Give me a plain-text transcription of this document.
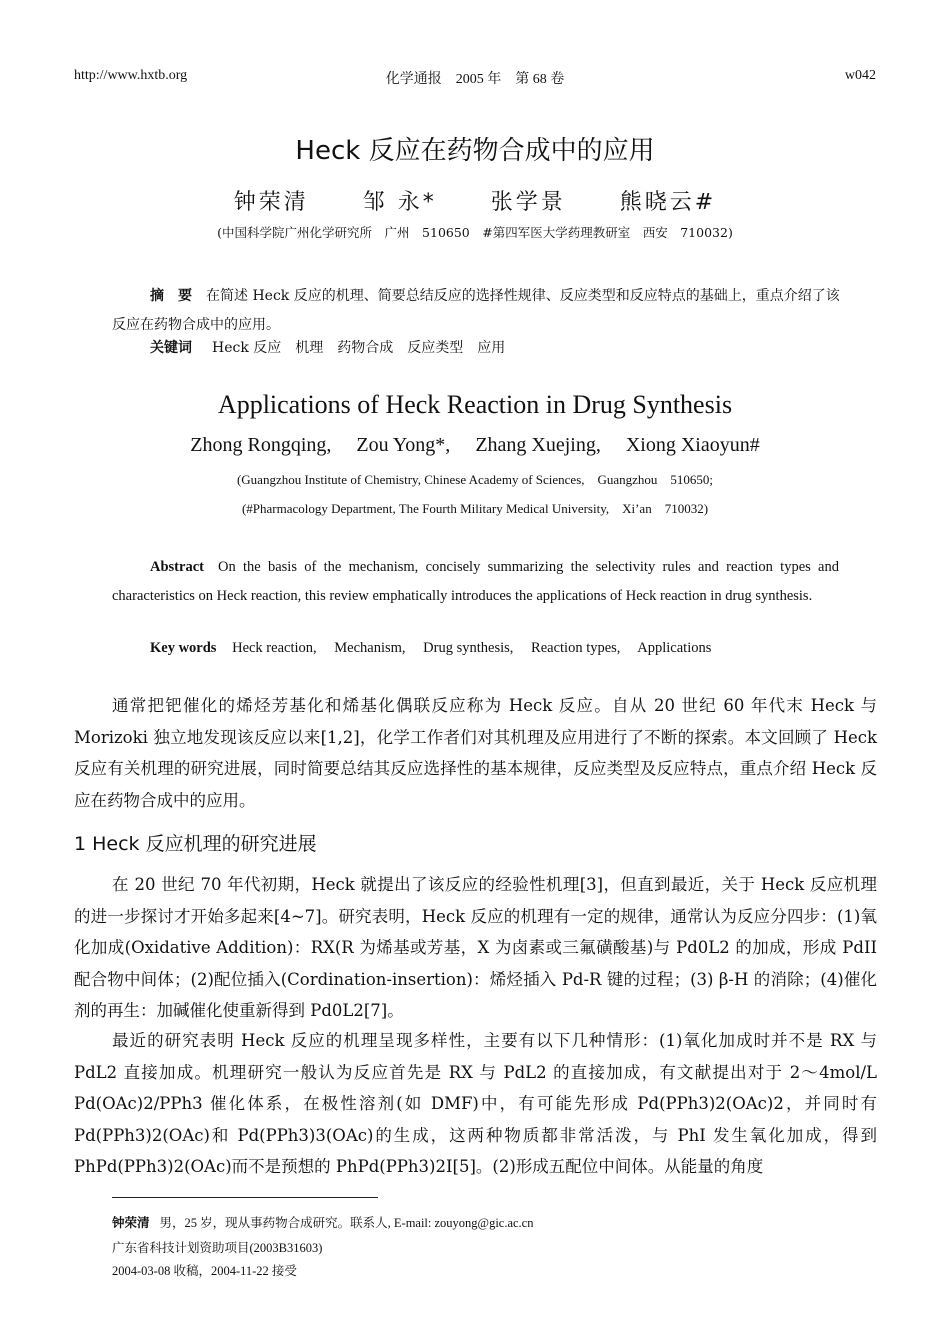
http://www.hxtb.org	化学通报　2005 年　第 68 卷	w042
Heck 反应在药物合成中的应用
钟荣清 邹 永* 张学景 熊晓云#
(中国科学院广州化学研究所　广州　510650　#第四军医大学药理教研室　西安　710032)
摘　要 在简述 Heck 反应的机理、简要总结反应的选择性规律、反应类型和反应特点的基础上，重点介绍了该反应在药物合成中的应用。
关键词 Heck 反应　机理　药物合成　反应类型　应用
Applications of Heck Reaction in Drug Synthesis
Zhong Rongqing, Zou Yong*, Zhang Xuejing, Xiong Xiaoyun#
(Guangzhou Institute of Chemistry, Chinese Academy of Sciences,　Guangzhou　510650;
(#Pharmacology Department, The Fourth Military Medical University,　Xi’an　710032)
Abstract On the basis of the mechanism, concisely summarizing the selectivity rules and reaction types and characteristics on Heck reaction, this review emphatically introduces the applications of Heck reaction in drug synthesis.
Key words Heck reaction, Mechanism, Drug synthesis, Reaction types, Applications
通常把钯催化的烯烃芳基化和烯基化偶联反应称为 Heck 反应。自从 20 世纪 60 年代末 Heck 与 Morizoki 独立地发现该反应以来[1,2]，化学工作者们对其机理及应用进行了不断的探索。本文回顾了 Heck 反应有关机理的研究进展，同时简要总结其反应选择性的基本规律，反应类型及反应特点，重点介绍 Heck 反应在药物合成中的应用。
1 Heck 反应机理的研究进展
在 20 世纪 70 年代初期，Heck 就提出了该反应的经验性机理[3]，但直到最近，关于 Heck 反应机理的进一步探讨才开始多起来[4~7]。研究表明，Heck 反应的机理有一定的规律，通常认为反应分四步：(1)氧化加成(Oxidative Addition)：RX(R 为烯基或芳基，X 为卤素或三氟磺酸基)与 Pd0L2 的加成，形成 PdII 配合物中间体；(2)配位插入(Cordination-insertion)：烯烃插入 Pd-R 键的过程；(3) β-H 的消除；(4)催化剂的再生：加碱催化使重新得到 Pd0L2[7]。
最近的研究表明 Heck 反应的机理呈现多样性，主要有以下几种情形：(1)氧化加成时并不是 RX 与 PdL2 直接加成。机理研究一般认为反应首先是 RX 与 PdL2 的直接加成，有文献提出对于 2～4mol/L Pd(OAc)2/PPh3 催化体系，在极性溶剂(如 DMF)中，有可能先形成 Pd(PPh3)2(OAc)2，并同时有 Pd(PPh3)2(OAc)和 Pd(PPh3)3(OAc)的生成，这两种物质都非常活泼，与 PhI 发生氧化加成，得到 PhPd(PPh3)2(OAc)而不是预想的 PhPd(PPh3)2I[5]。(2)形成五配位中间体。从能量的角度
钟荣清 男，25 岁，现从事药物合成研究。联系人, E-mail: zouyong@gic.ac.cn
广东省科技计划资助项目(2003B31603)
2004-03-08 收稿，2004-11-22 接受
